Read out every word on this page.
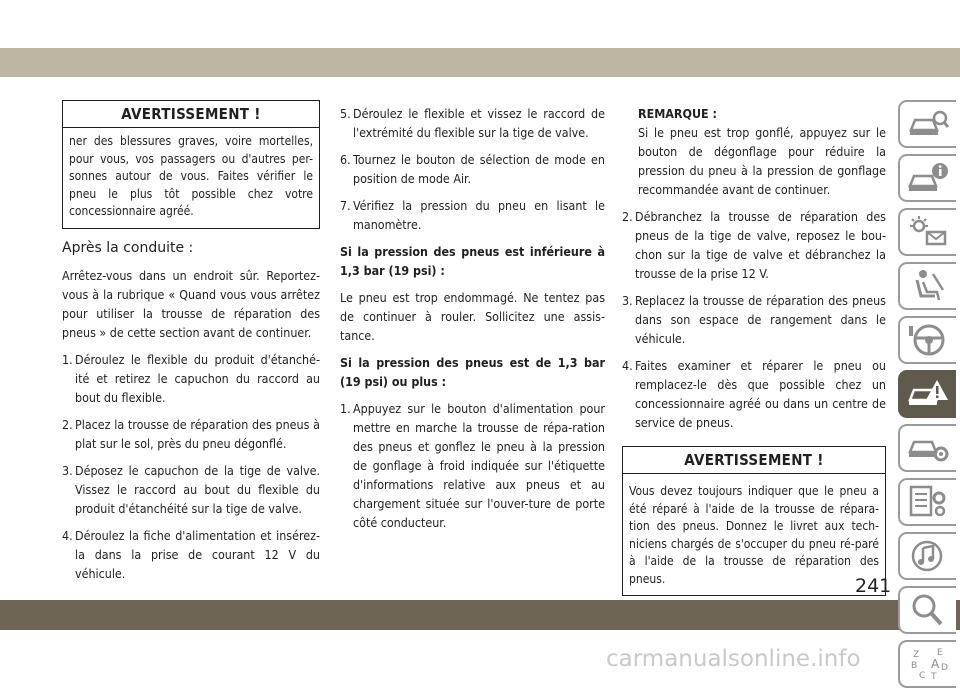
AVERTISSEMENT !
ner des blessures graves, voire mortelles, pour vous, vos passagers ou d'autres per-sonnes autour de vous. Faites vérifier le pneu le plus tôt possible chez votre concessionnaire agréé.
Après la conduite :

Arrêtez-vous dans un endroit sûr. Reportez-vous à la rubrique « Quand vous vous arrêtez pour utiliser la trousse de réparation des pneus » de cette section avant de continuer.

1. Déroulez le flexible du produit d'étanché-ité et retirez le capuchon du raccord au bout du flexible.
2. Placez la trousse de réparation des pneus à plat sur le sol, près du pneu dégonflé.
3. Déposez le capuchon de la tige de valve. Vissez le raccord au bout du flexible du produit d'étanchéité sur la tige de valve.
4. Déroulez la fiche d'alimentation et insérez-la dans la prise de courant 12 V du véhicule.
5. Déroulez le flexible et vissez le raccord de l'extrémité du flexible sur la tige de valve.
6. Tournez le bouton de sélection de mode en position de mode Air.
7. Vérifiez la pression du pneu en lisant le manomètre.

Si la pression des pneus est inférieure à 1,3 bar (19 psi) :

Le pneu est trop endommagé. Ne tentez pas de continuer à rouler. Sollicitez une assis-tance.

Si la pression des pneus est de 1,3 bar (19 psi) ou plus :

1. Appuyez sur le bouton d'alimentation pour mettre en marche la trousse de répa-ration des pneus et gonflez le pneu à la pression de gonflage à froid indiquée sur l'étiquette d'informations relative aux pneus et au chargement située sur l'ouver-ture de porte côté conducteur.
REMARQUE :
Si le pneu est trop gonflé, appuyez sur le bouton de dégonflage pour réduire la pression du pneu à la pression de gonflage recommandée avant de continuer.
2. Débranchez la trousse de réparation des pneus de la tige de valve, reposez le bou-chon sur la tige de valve et débranchez la trousse de la prise 12 V.
3. Replacez la trousse de réparation des pneus dans son espace de rangement dans le véhicule.
4. Faites examiner et réparer le pneu ou remplacez-le dès que possible chez un concessionnaire agréé ou dans un centre de service de pneus.
AVERTISSEMENT !
Vous devez toujours indiquer que le pneu a été réparé à l'aide de la trousse de répara-tion des pneus. Donnez le livret aux tech-niciens chargés de s'occuper du pneu ré-paré à l'aide de la trousse de réparation des pneus.
Z E
B A
C
D
T
241
carmanualsonline.info
